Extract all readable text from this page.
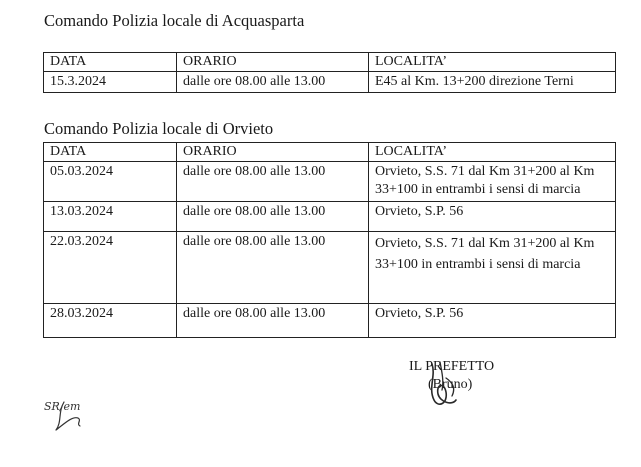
Comando Polizia locale di Acquasparta
DATA	ORARIO	LOCALITA’
15.3.2024	dalle ore 08.00 alle 13.00	E45 al Km. 13+200 direzione Terni
Comando Polizia locale di Orvieto
DATA	ORARIO	LOCALITA’
05.03.2024	dalle ore 08.00 alle 13.00	Orvieto, S.S. 71 dal Km 31+200 al Km 33+100 in entrambi i sensi di marcia
13.03.2024	dalle ore 08.00 alle 13.00	Orvieto, S.P. 56
22.03.2024	dalle ore 08.00 alle 13.00	Orvieto, S.S. 71 dal Km 31+200 al Km 33+100 in entrambi i sensi di marcia
28.03.2024	dalle ore 08.00 alle 13.00	Orvieto, S.P. 56
IL PREFETTO
(Bruno)
SR/em
